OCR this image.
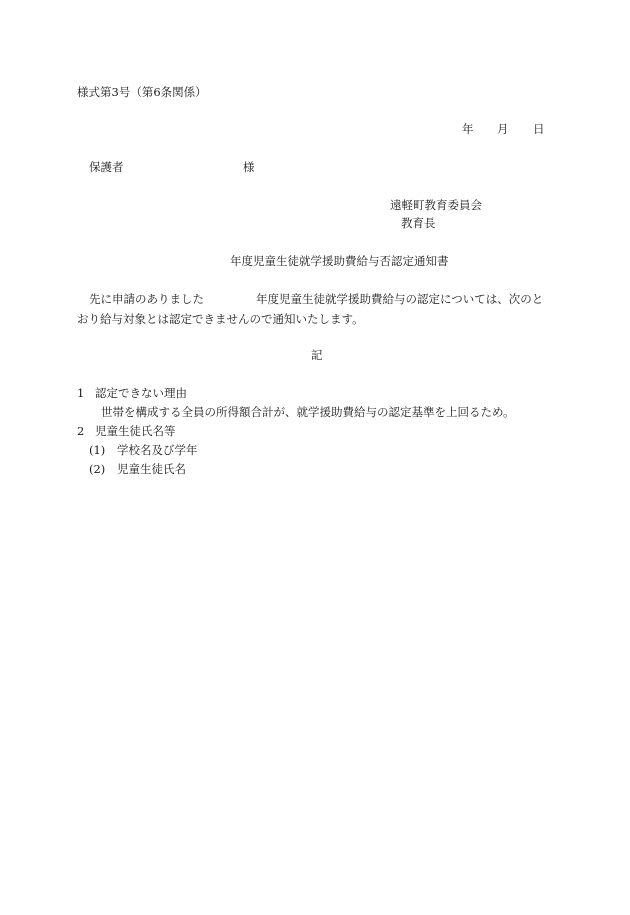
様式第3号（第6条関係）
年 月 日
保護者	様
遠軽町教育委員会
教育長
年度児童生徒就学援助費給与否認定通知書
先に申請のありました	年度児童生徒就学援助費給与の認定については、次のと
おり給与対象とは認定できませんので通知いたします。
記
1 認定できない理由
世帯を構成する全員の所得額合計が、就学援助費給与の認定基準を上回るため。
2 児童生徒氏名等
(1) 学校名及び学年
(2) 児童生徒氏名
